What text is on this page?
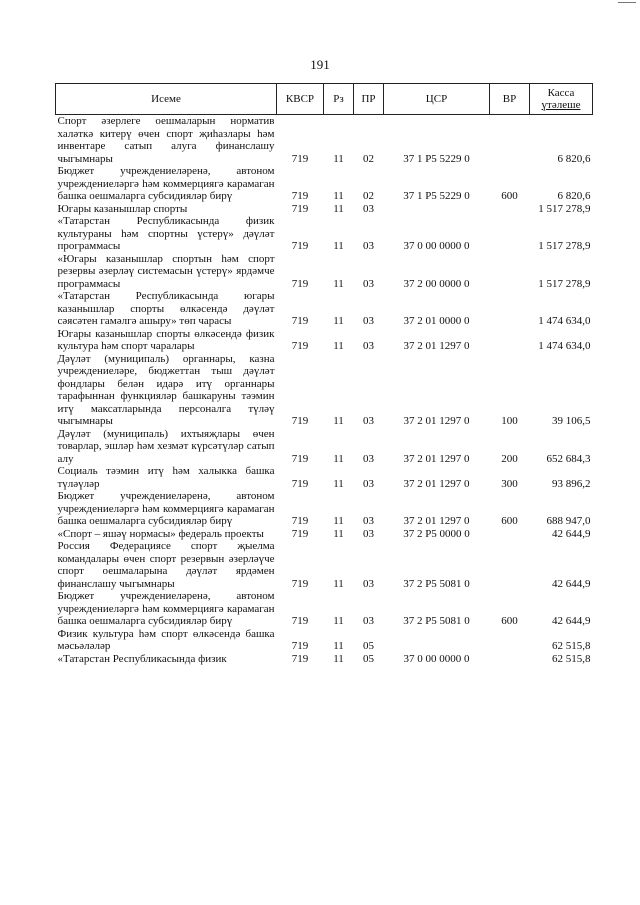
191
Исеме	КВСР	Рз	ПР	ЦСР	ВР	Касса
үтәлеше

Спорт әзерлеге оешмаларын норматив халәткә китерү өчен спорт җиһазлары һәм инвентаре сатып алуга финанслашу чыгымнары	719	11	02	37 1 Р5 5229 0		6 820,6
Бюджет учреждениеләренә, автоном учреждениеләргә һәм коммерциягә карамаган башка оешмаларга субсидияләр бирү	719	11	02	37 1 Р5 5229 0	600	6 820,6
Югары казанышлар спорты	719	11	03			1 517 278,9
«Татарстан Республикасында физик культураны һәм спортны үстерү» дәүләт программасы	719	11	03	37 0 00 0000 0		1 517 278,9
«Югары казанышлар спортын һәм спорт резервы әзерләү системасын үстерү» ярдәмче программасы	719	11	03	37 2 00 0000 0		1 517 278,9
«Татарстан Республикасында югары казанышлар спорты өлкәсендә дәүләт сәясәтен гамәлгә ашыру» төп чарасы	719	11	03	37 2 01 0000 0		1 474 634,0
Югары казанышлар спорты өлкәсендә физик культура һәм спорт чаралары	719	11	03	37 2 01 1297 0		1 474 634,0
Дәүләт (муниципаль) органнары, казна учреждениеләре, бюджеттан тыш дәүләт фондлары белән идарә итү органнары тарафыннан функцияләр башкаруны тәэмин итү максатларында персоналга түләү чыгымнары	719	11	03	37 2 01 1297 0	100	39 106,5
Дәүләт (муниципаль) ихтыяҗлары өчен товарлар, эшләр һәм хезмәт күрсәтүләр сатып алу	719	11	03	37 2 01 1297 0	200	652 684,3
Социаль тәэмин итү һәм халыкка башка түләүләр	719	11	03	37 2 01 1297 0	300	93 896,2
Бюджет учреждениеләренә, автоном учреждениеләргә һәм коммерциягә карамаган башка оешмаларга субсидияләр бирү	719	11	03	37 2 01 1297 0	600	688 947,0
«Спорт – яшәү нормасы» федераль проекты	719	11	03	37 2 Р5 0000 0		42 644,9
Россия Федерациясе спорт җыелма командалары өчен спорт резервын әзерләүче спорт оешмаларына дәүләт ярдәмен финанслашу чыгымнары	719	11	03	37 2 Р5 5081 0		42 644,9
Бюджет учреждениеләренә, автоном учреждениеләргә һәм коммерциягә карамаган башка оешмаларга субсидияләр бирү	719	11	03	37 2 Р5 5081 0	600	42 644,9
Физик культура һәм спорт өлкәсендә башка мәсьәләләр	719	11	05			62 515,8
«Татарстан Республикасында физик	719	11	05	37 0 00 0000 0		62 515,8
